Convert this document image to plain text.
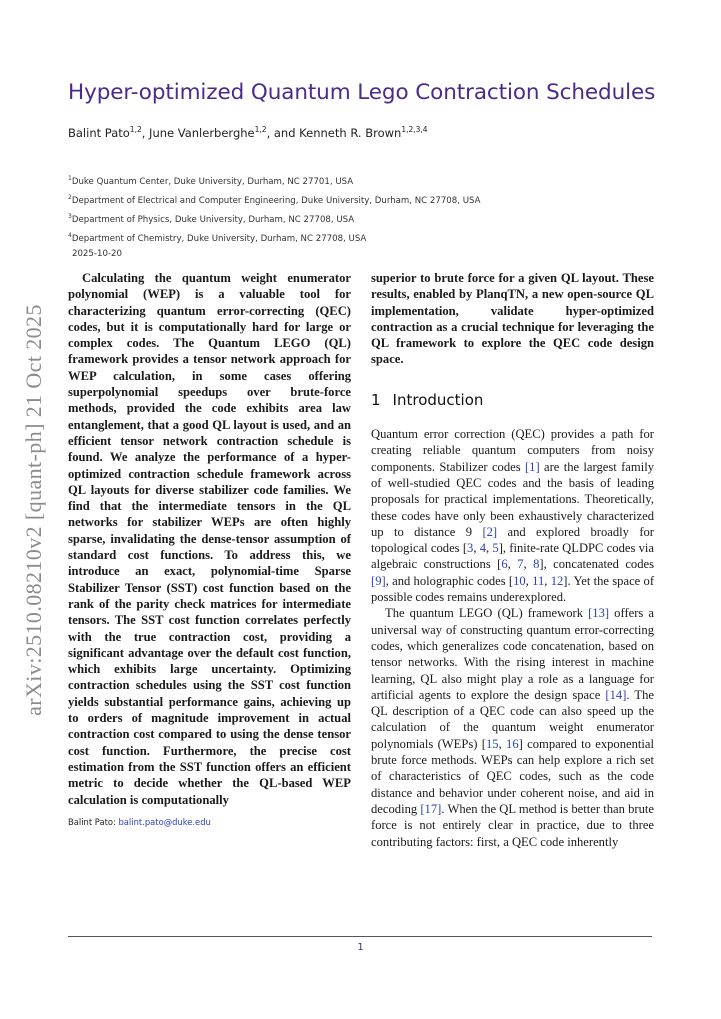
arXiv:2510.08210v2 [quant-ph] 21 Oct 2025
Hyper-optimized Quantum Lego Contraction Schedules

Balint Pato$^{1,2}$, June Vanlerberghe$^{1,2}$, and Kenneth R. Brown$^{1,2,3,4}$

$^1$Duke Quantum Center, Duke University, Durham, NC 27701, USA
$^2$Department of Electrical and Computer Engineering, Duke University, Durham, NC 27708, USA
$^3$Department of Physics, Duke University, Durham, NC 27708, USA
$^4$Department of Chemistry, Duke University, Durham, NC 27708, USA
2025-10-20

Calculating the quantum weight enumerator polynomial (WEP) is a valuable tool for characterizing quantum error-correcting (QEC) codes, but it is computationally hard for large or complex codes. The Quantum LEGO (QL) framework provides a tensor network approach for WEP calculation, in some cases offering superpolynomial speedups over brute-force methods, provided the code exhibits area law entanglement, that a good QL layout is used, and an efficient tensor network contraction schedule is found. We analyze the performance of a hyper-optimized contraction schedule framework across QL layouts for diverse stabilizer code families. We find that the intermediate tensors in the QL networks for stabilizer WEPs are often highly sparse, invalidating the dense-tensor assumption of standard cost functions. To address this, we introduce an exact, polynomial-time Sparse Stabilizer Tensor (SST) cost function based on the rank of the parity check matrices for intermediate tensors. The SST cost function correlates perfectly with the true contraction cost, providing a significant advantage over the default cost function, which exhibits large uncertainty. Optimizing contraction schedules using the SST cost function yields substantial performance gains, achieving up to orders of magnitude improvement in actual contraction cost compared to using the dense tensor cost function. Furthermore, the precise cost estimation from the SST function offers an efficient metric to decide whether the QL-based WEP calculation is computationally

Balint Pato: balint.pato@duke.edu

superior to brute force for a given QL layout. These results, enabled by PlanqTN, a new open-source QL implementation, validate hyper-optimized contraction as a crucial technique for leveraging the QL framework to explore the QEC code design space.

1 Introduction

Quantum error correction (QEC) provides a path for creating reliable quantum computers from noisy components. Stabilizer codes [1] are the largest family of well-studied QEC codes and the basis of leading proposals for practical implementations. Theoretically, these codes have only been exhaustively characterized up to distance 9 [2] and explored broadly for topological codes [3, 4, 5], finite-rate QLDPC codes via algebraic constructions [6, 7, 8], concatenated codes [9], and holographic codes [10, 11, 12]. Yet the space of possible codes remains underexplored.

The quantum LEGO (QL) framework [13] offers a universal way of constructing quantum error-correcting codes, which generalizes code concatenation, based on tensor networks. With the rising interest in machine learning, QL also might play a role as a language for artificial agents to explore the design space [14]. The QL description of a QEC code can also speed up the calculation of the quantum weight enumerator polynomials (WEPs) [15, 16] compared to exponential brute force methods. WEPs can help explore a rich set of characteristics of QEC codes, such as the code distance and behavior under coherent noise, and aid in decoding [17]. When the QL method is better than brute force is not entirely clear in practice, due to three contributing factors: first, a QEC code inherently

1
